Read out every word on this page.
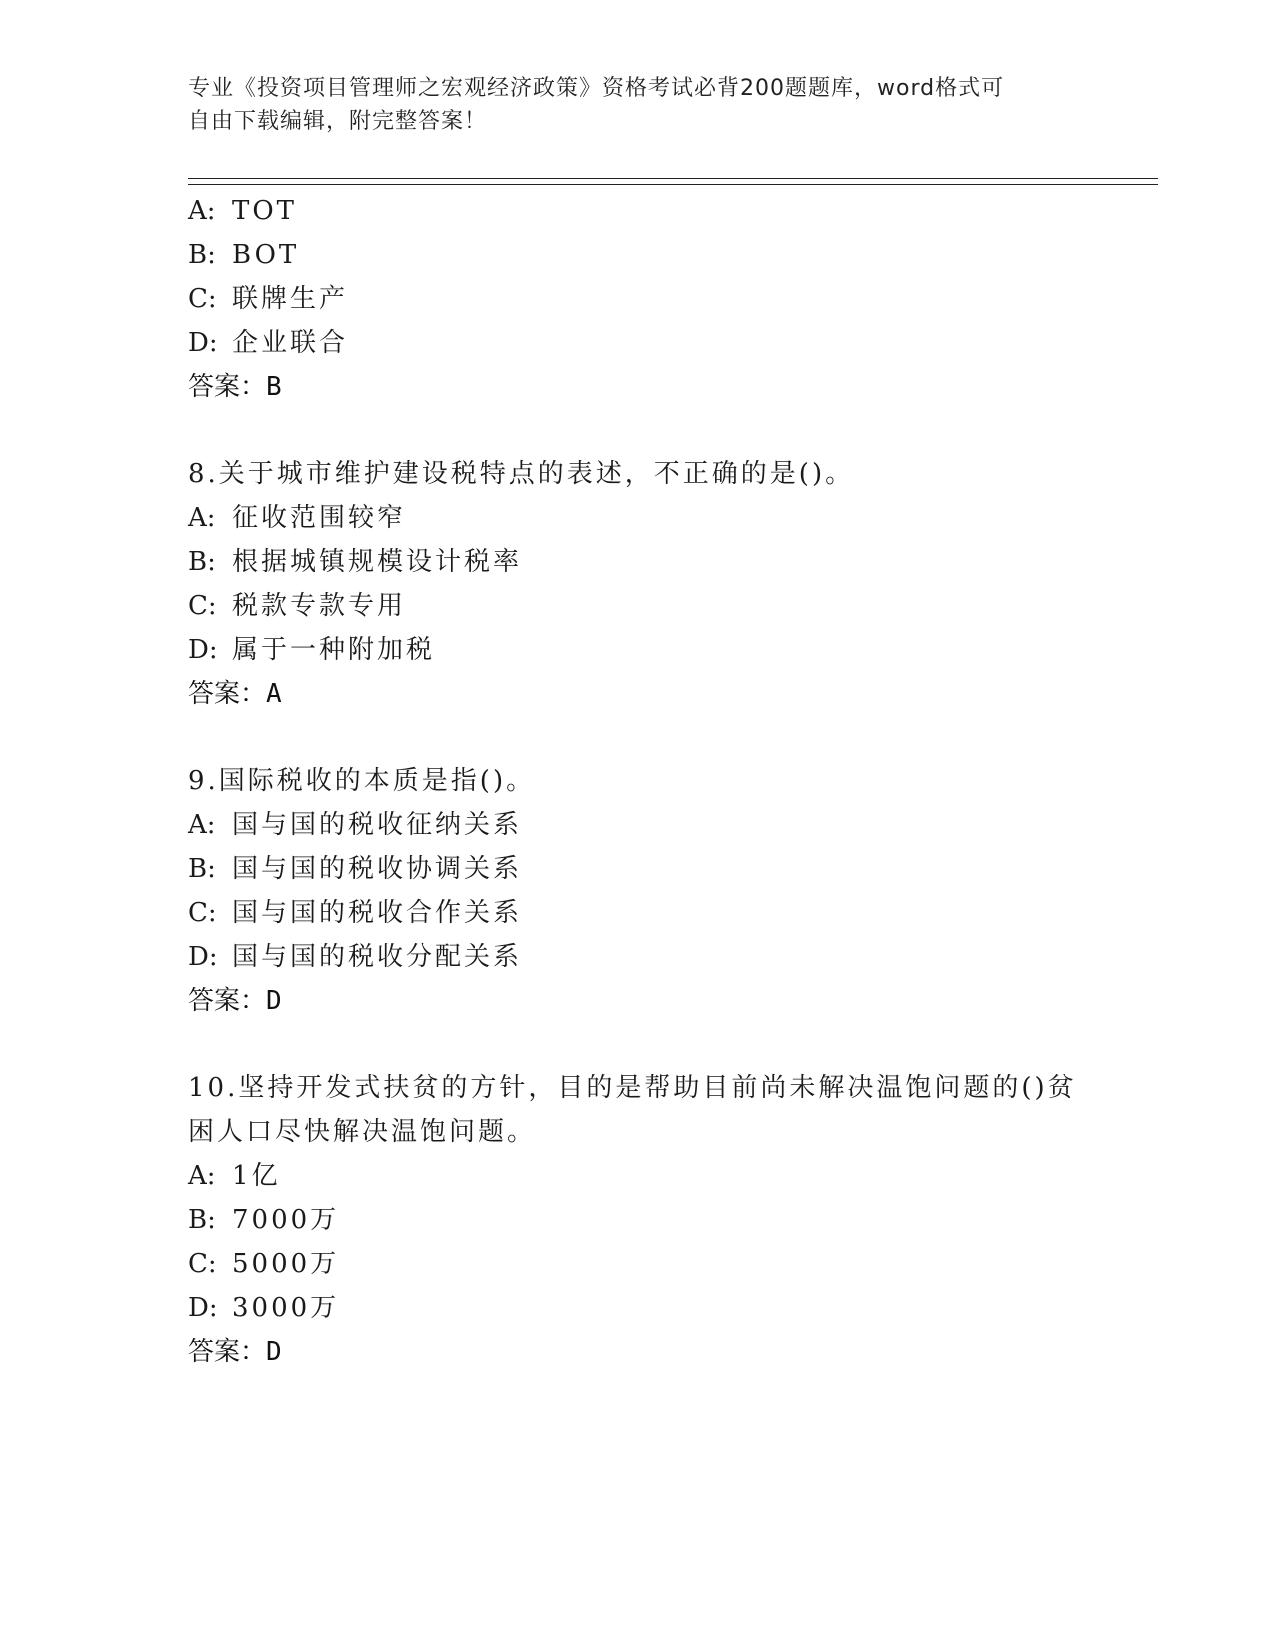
专业《投资项目管理师之宏观经济政策》资格考试必背200题题库，word格式可
自由下载编辑，附完整答案！
A: TOT
B: BOT
C: 联牌生产
D: 企业联合
答案：B
8.关于城市维护建设税特点的表述，不正确的是()。
A: 征收范围较窄
B: 根据城镇规模设计税率
C: 税款专款专用
D: 属于一种附加税
答案：A
9.国际税收的本质是指()。
A: 国与国的税收征纳关系
B: 国与国的税收协调关系
C: 国与国的税收合作关系
D: 国与国的税收分配关系
答案：D
10.坚持开发式扶贫的方针，目的是帮助目前尚未解决温饱问题的()贫
困人口尽快解决温饱问题。
A: 1亿
B: 7000万
C: 5000万
D: 3000万
答案：D
